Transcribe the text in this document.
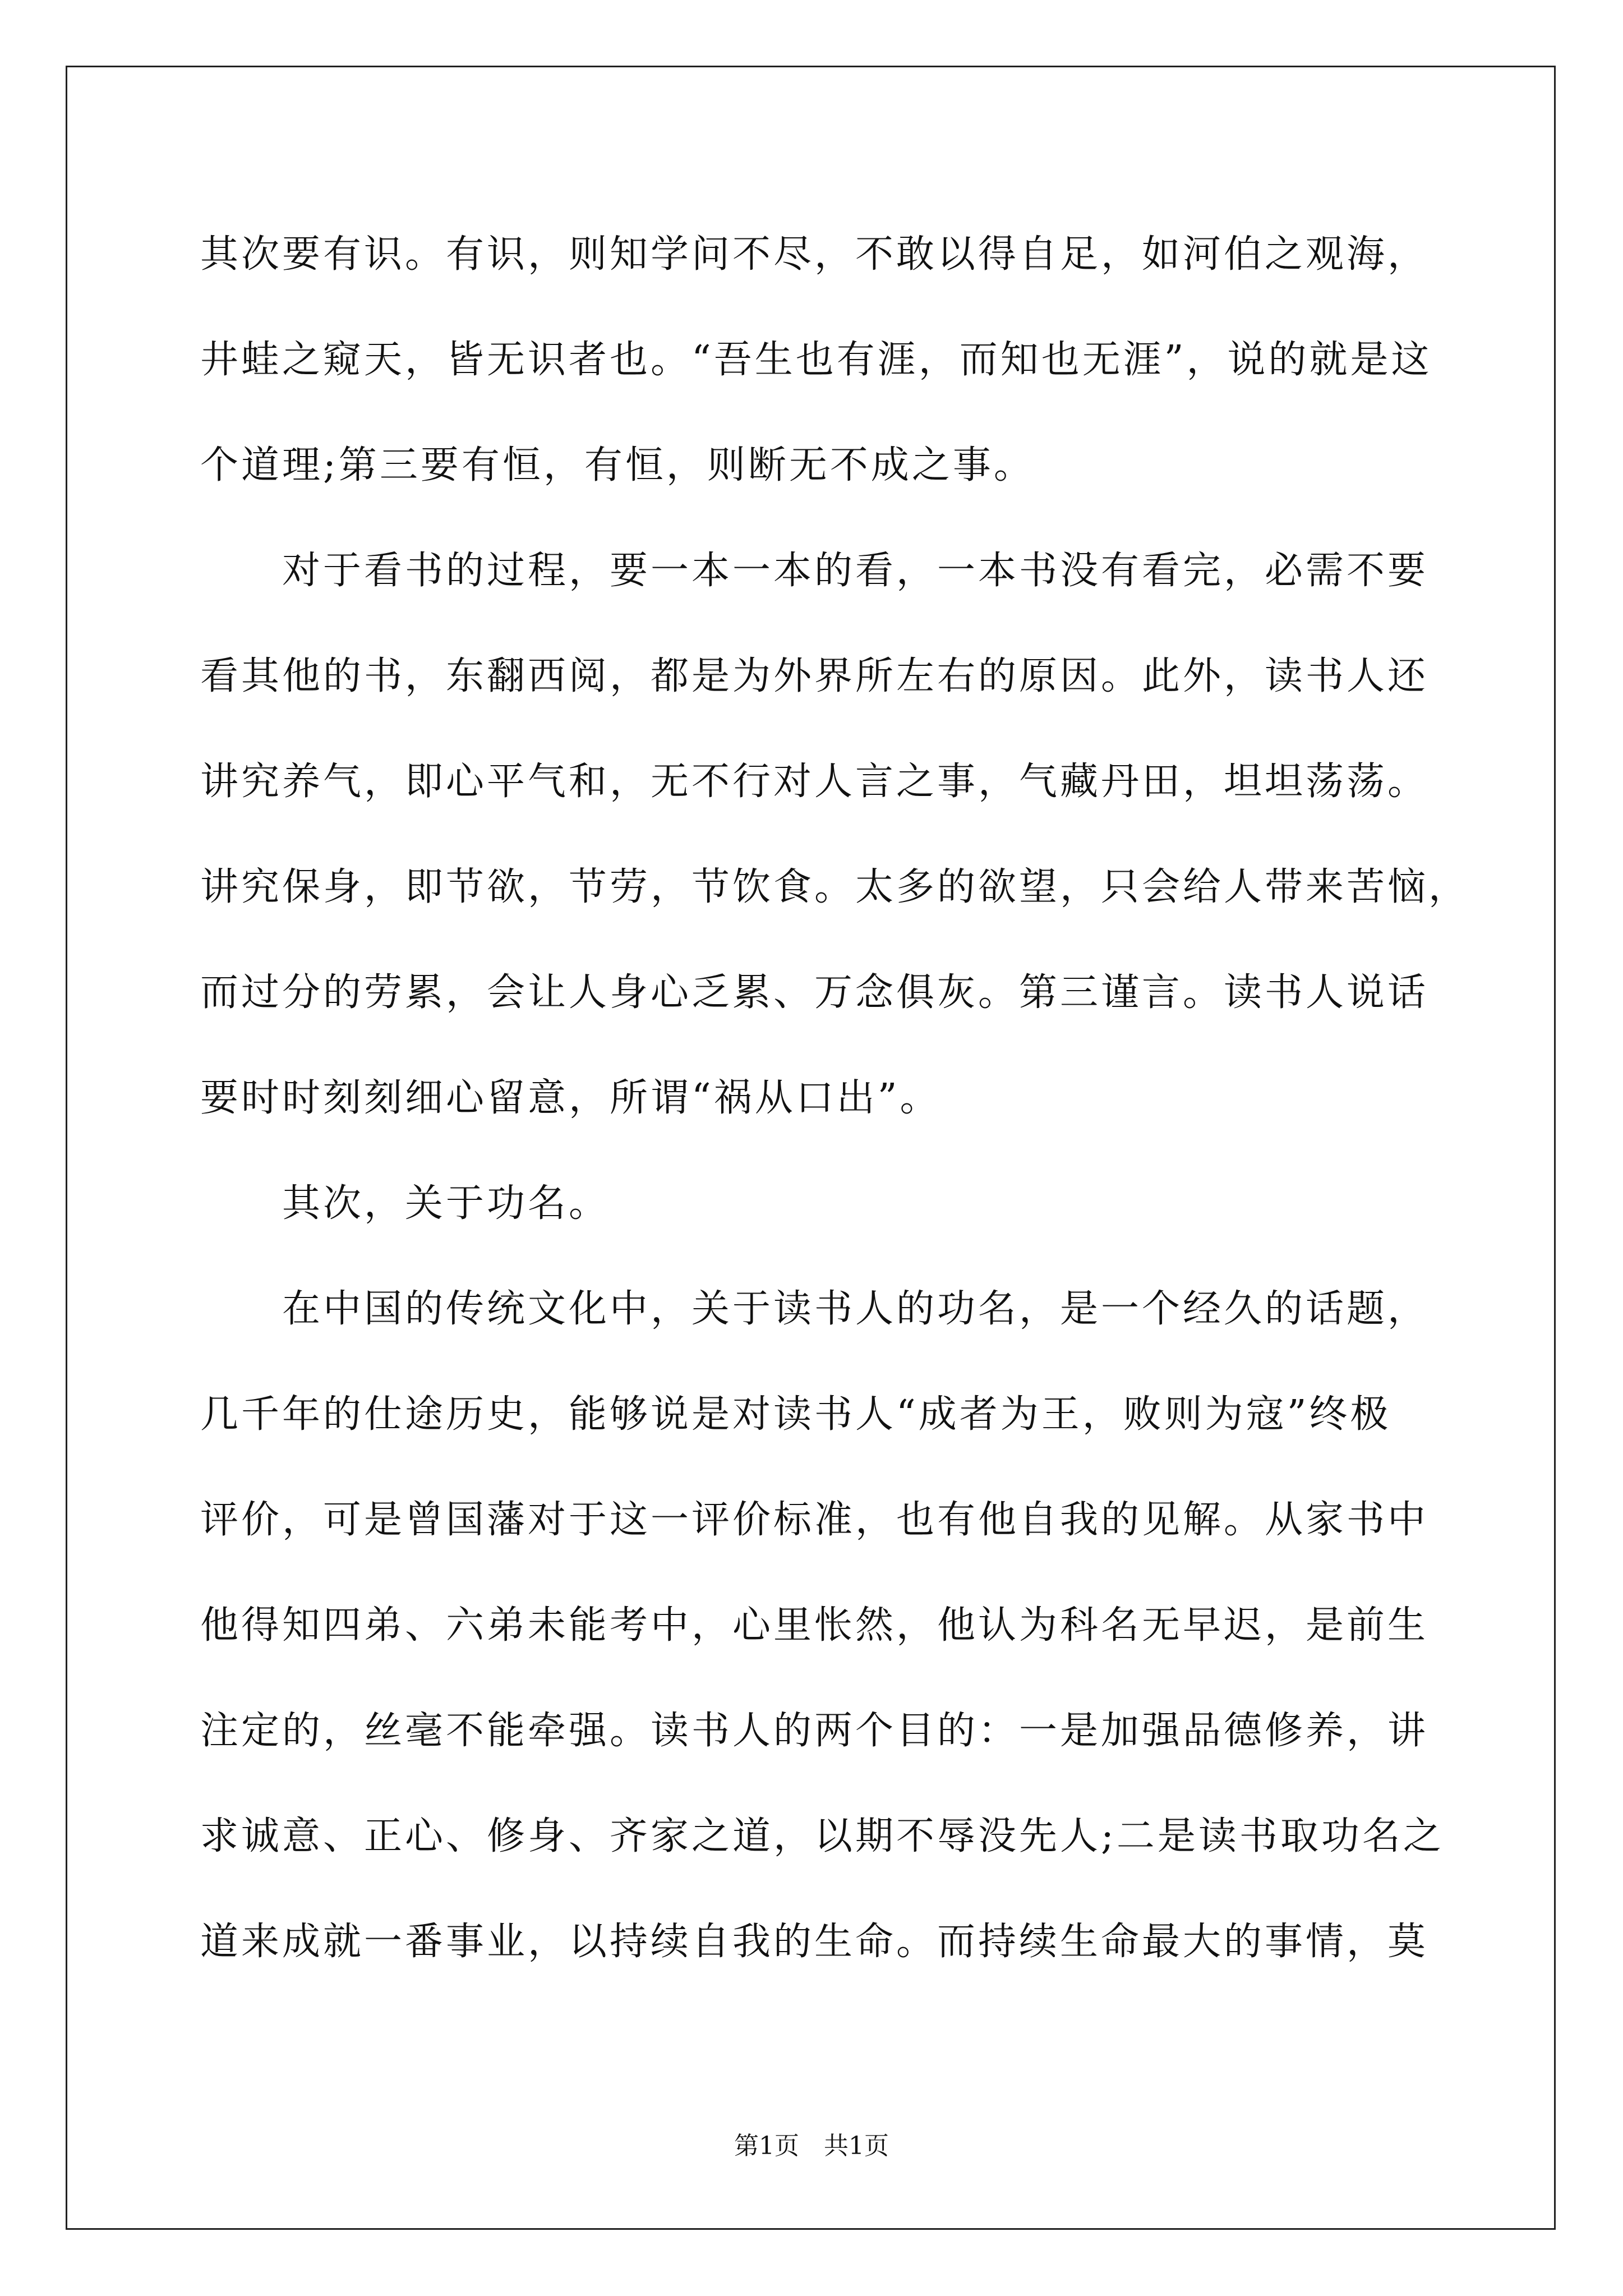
其次要有识。有识，则知学问不尽，不敢以得自足，如河伯之观海，
井蛙之窥天，皆无识者也。“吾生也有涯，而知也无涯”，说的就是这
个道理;第三要有恒，有恒，则断无不成之事。
对于看书的过程，要一本一本的看，一本书没有看完，必需不要
看其他的书，东翻西阅，都是为外界所左右的原因。此外，读书人还
讲究养气，即心平气和，无不行对人言之事，气藏丹田，坦坦荡荡。
讲究保身，即节欲，节劳，节饮食。太多的欲望，只会给人带来苦恼，
而过分的劳累，会让人身心乏累、万念俱灰。第三谨言。读书人说话
要时时刻刻细心留意，所谓“祸从口出”。
其次，关于功名。
在中国的传统文化中，关于读书人的功名，是一个经久的话题，
几千年的仕途历史，能够说是对读书人“成者为王，败则为寇”终极
评价，可是曾国藩对于这一评价标准，也有他自我的见解。从家书中
他得知四弟、六弟未能考中，心里怅然，他认为科名无早迟，是前生
注定的，丝毫不能牵强。读书人的两个目的：一是加强品德修养，讲
求诚意、正心、修身、齐家之道，以期不辱没先人;二是读书取功名之
道来成就一番事业，以持续自我的生命。而持续生命最大的事情，莫
第1页　共1页
